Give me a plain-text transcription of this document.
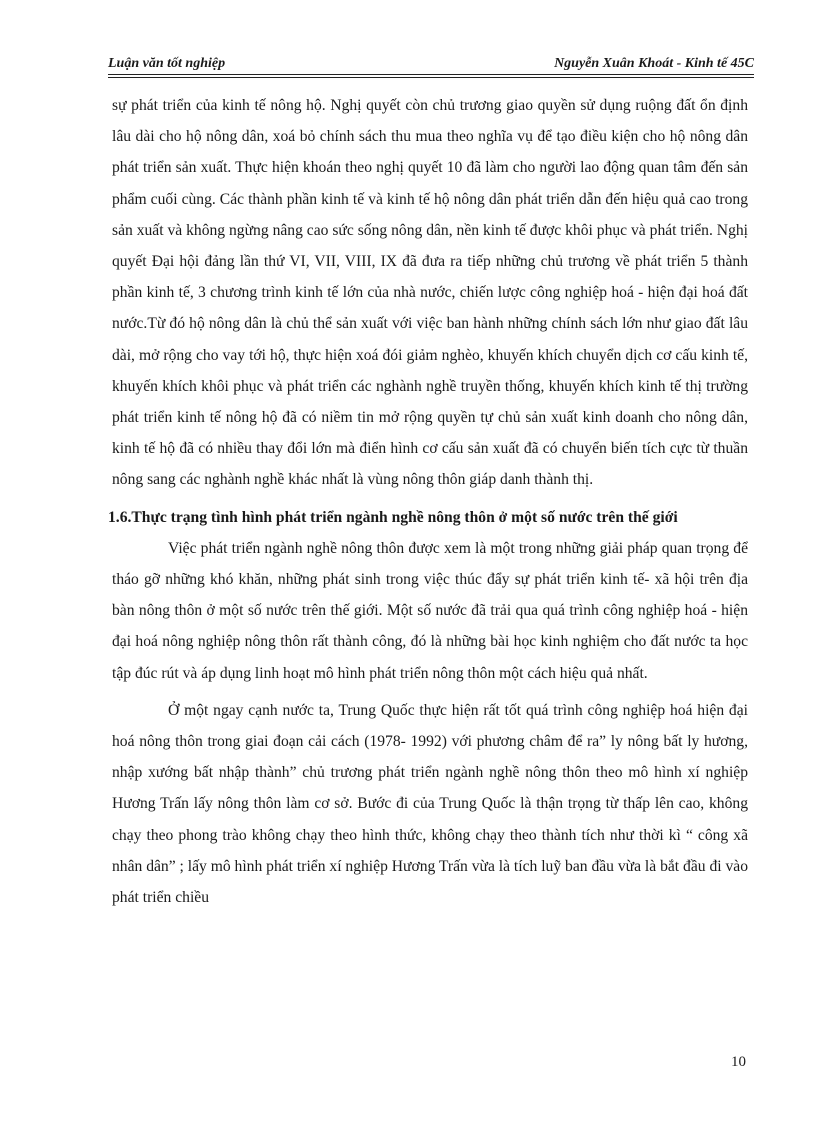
Luận văn tốt nghiệp	Nguyễn Xuân Khoát - Kinh tế 45C

sự phát triển của kinh tế nông hộ. Nghị quyết còn chủ trương giao quyền sử dụng ruộng đất ổn định lâu dài cho hộ nông dân, xoá bỏ chính sách thu mua theo nghĩa vụ để tạo điều kiện cho hộ nông dân phát triển sản xuất. Thực hiện khoán theo nghị quyết 10 đã làm cho người lao động quan tâm đến sản phẩm cuối cùng. Các thành phần kinh tế và kinh tế hộ nông dân phát triển dẫn đến hiệu quả cao trong sản xuất và không ngừng nâng cao sức sống nông dân, nền kinh tế được khôi phục và phát triển. Nghị quyết Đại hội đảng lần thứ VI, VII, VIII, IX đã đưa ra tiếp những chủ trương về phát triển 5 thành phần kinh tế, 3 chương trình kinh tế lớn của nhà nước, chiến lược công nghiệp hoá - hiện đại hoá đất nước.Từ đó hộ nông dân là chủ thể sản xuất với việc ban hành những chính sách lớn như giao đất lâu dài, mở rộng cho vay tới hộ, thực hiện xoá đói giảm nghèo, khuyến khích chuyển dịch cơ cấu kinh tế, khuyến khích khôi phục và phát triển các nghành nghề truyền thống, khuyến khích kinh tế thị trường phát triển kinh tế nông hộ đã có niềm tin mở rộng quyền tự chủ sản xuất kinh doanh cho nông dân, kinh tế hộ đã có nhiều thay đổi lớn mà điển hình cơ cấu sản xuất đã có chuyển biến tích cực từ thuần nông sang các nghành nghề khác nhất là vùng nông thôn giáp danh thành thị.

1.6.Thực trạng tình hình phát triển ngành nghề nông thôn ở một số nước trên thế giới

Việc phát triển ngành nghề nông thôn được xem là một trong những giải pháp quan trọng để tháo gỡ những khó khăn, những phát sinh trong việc thúc đẩy sự phát triển kinh tế- xã hội trên địa bàn nông thôn ở một số nước trên thế giới. Một số nước đã trải qua quá trình công nghiệp hoá - hiện đại hoá nông nghiệp nông thôn rất thành công, đó là những bài học kinh nghiệm cho đất nước ta học tập đúc rút và áp dụng linh hoạt mô hình phát triển nông thôn một cách hiệu quả nhất.

Ở một ngay cạnh nước ta, Trung Quốc thực hiện rất tốt quá trình công nghiệp hoá hiện đại hoá nông thôn trong giai đoạn cải cách (1978- 1992) với phương châm để ra” ly nông bất ly hương, nhập xướng bất nhập thành” chủ trương phát triển ngành nghề nông thôn theo mô hình xí nghiệp Hương Trấn lấy nông thôn làm cơ sở. Bước đi của Trung Quốc là thận trọng từ thấp lên cao, không chạy theo phong trào không chạy theo hình thức, không chạy theo thành tích như thời kì “ công xã nhân dân” ; lấy mô hình phát triển xí nghiệp Hương Trấn vừa là tích luỹ ban đầu vừa là bắt đầu đi vào phát triển chiều

10
